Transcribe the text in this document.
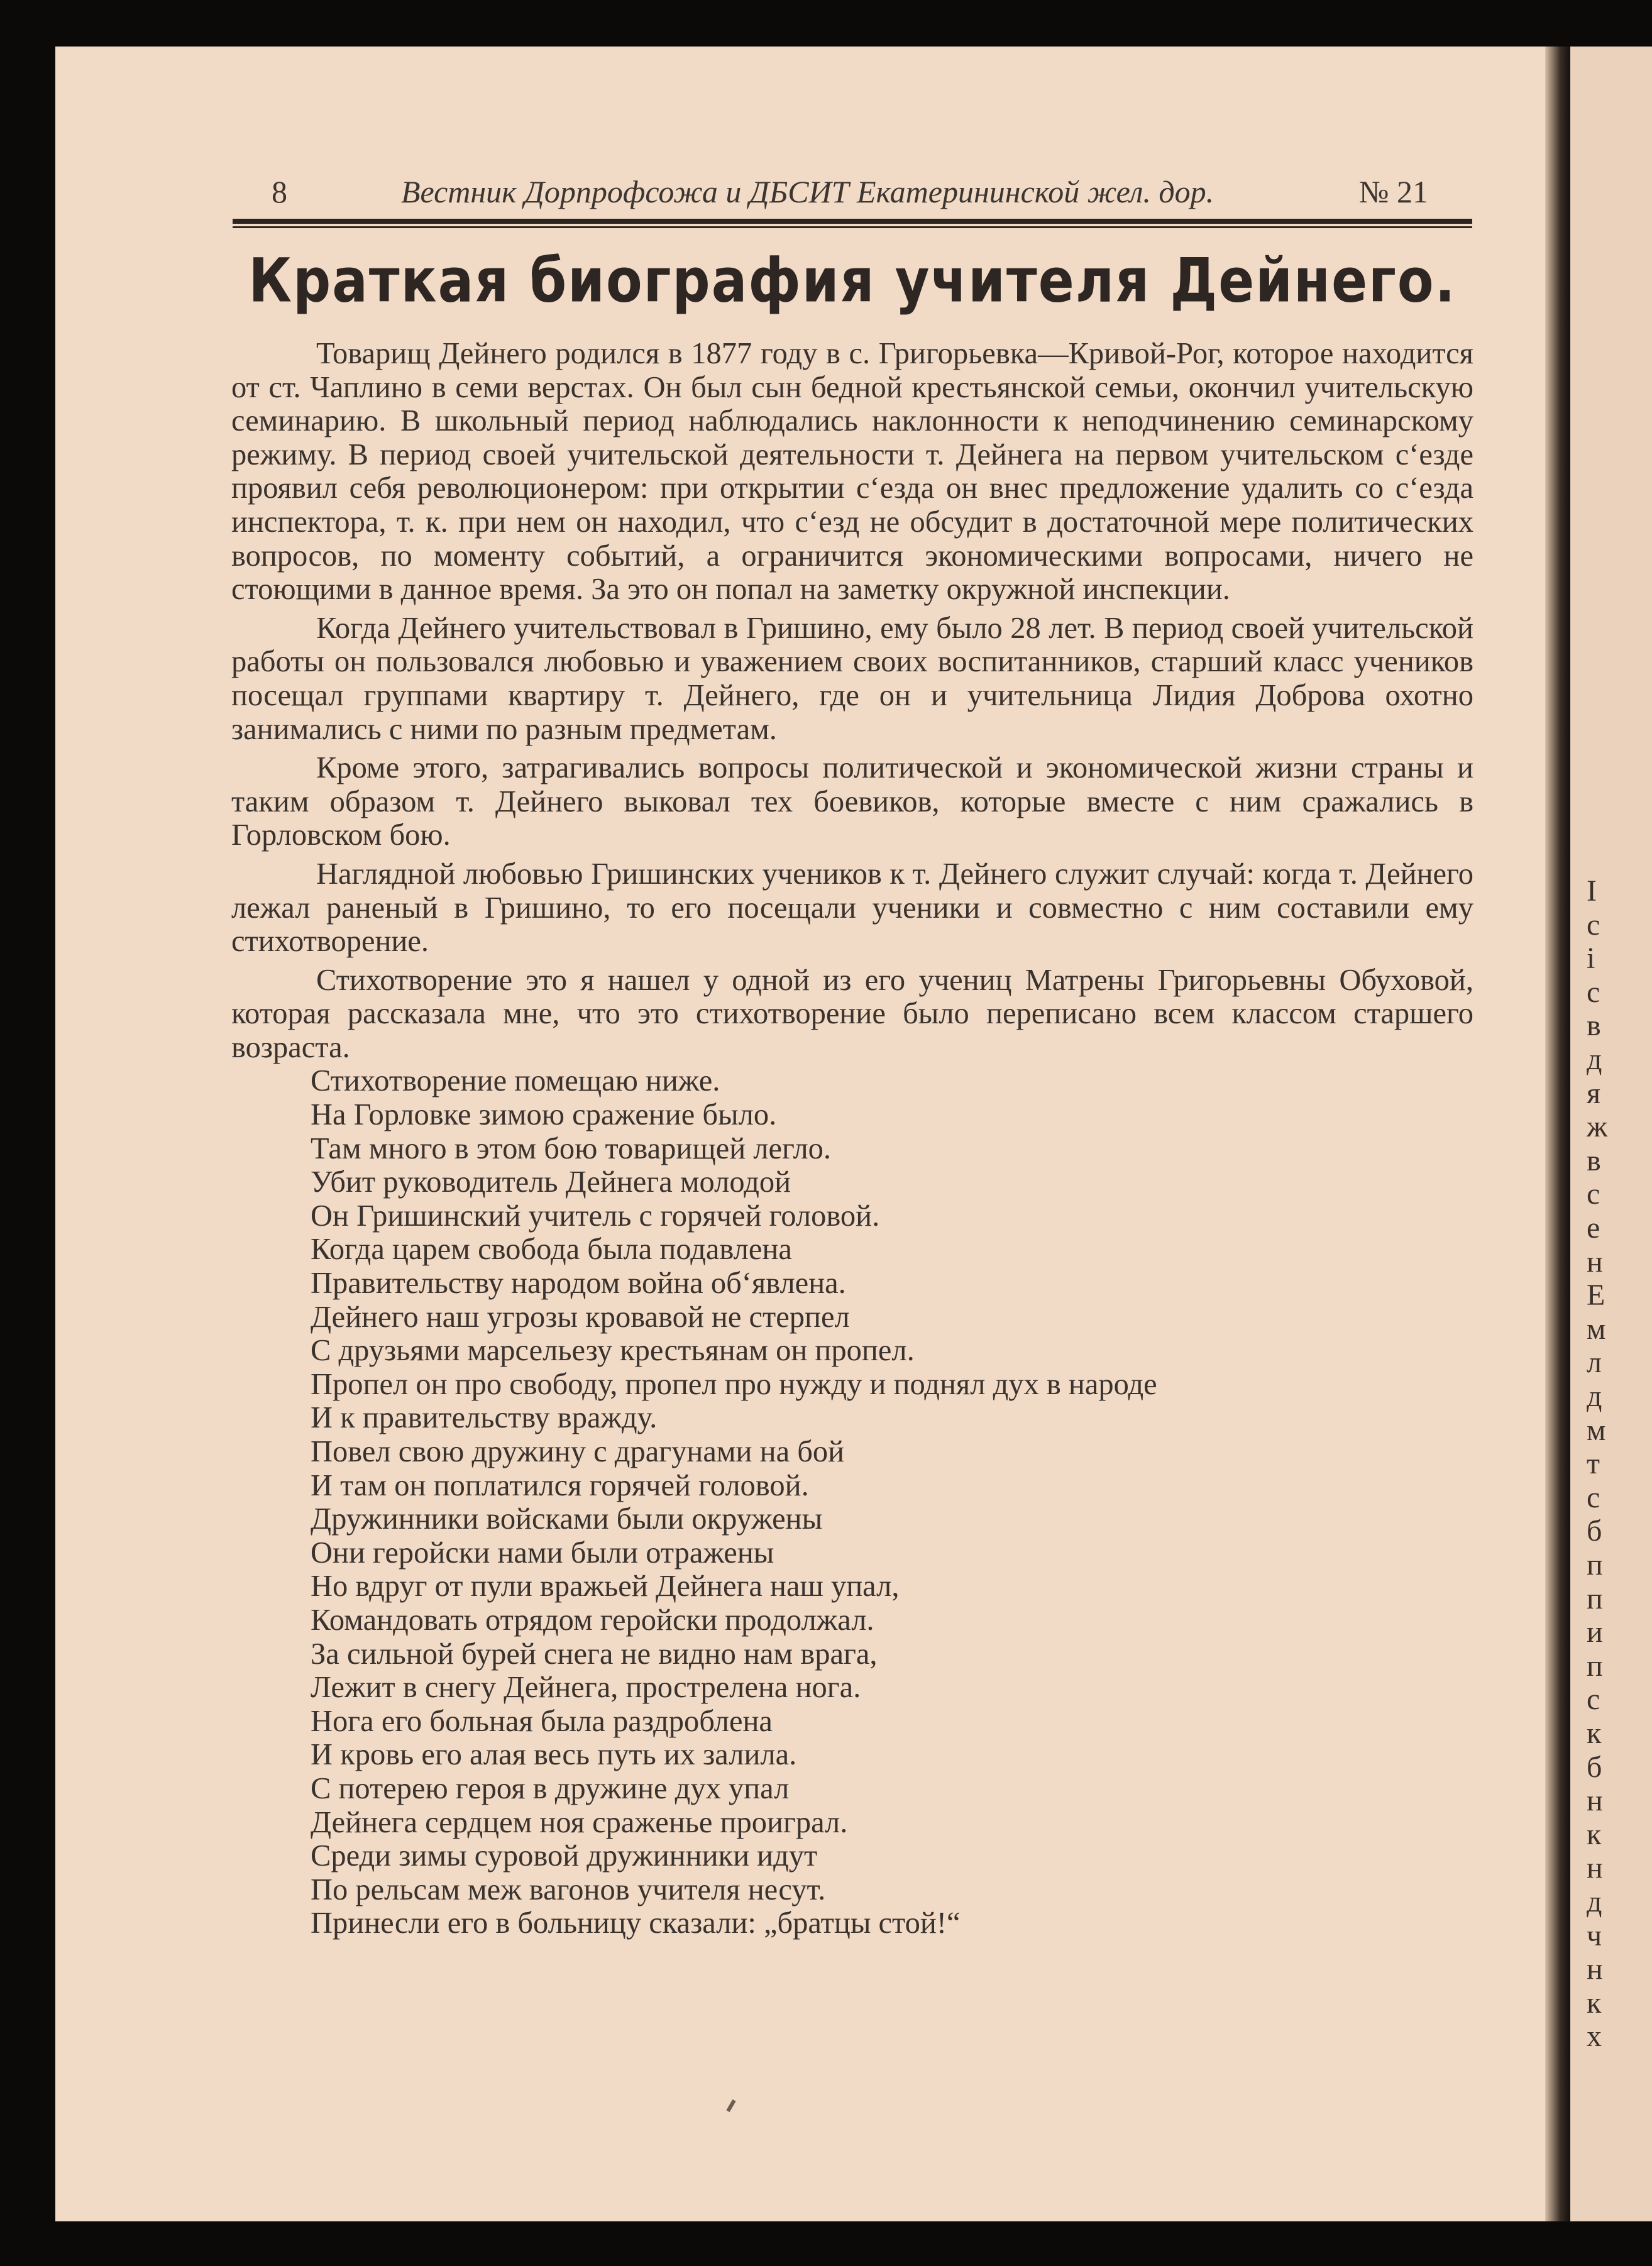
І
с
і
с
в
д
я
ж
в
с
е
н
Е
м
л
д
м
т
с
б
п
п
и
п
с
к
б
н
к
н
д
ч
н
к
х
8	Вестник Дорпрофсожа и ДБСИТ Екатерининской жел. дор.	№ 21
Краткая биография учителя Дейнего.

Товарищ Дейнего родился в 1877 году в с. Григорьевка—Кривой-Рог, которое находится от ст. Чаплино в семи верстах. Он был сын бедной крестьянской семьи, окончил учительскую семинарию. В школьный период наблюдались наклонности к неподчинению семинарскому режиму. В период своей учительской деятельности т. Дейнега на первом учительском с‘езде проявил себя революционером: при открытии с‘езда он внес предложение удалить со с‘езда инспектора, т. к. при нем он находил, что с‘езд не обсудит в достаточной мере политических вопросов, по моменту событий, а ограничится экономическими вопросами, ничего не стоющими в данное время. За это он попал на заметку окружной инспекции.

Когда Дейнего учительствовал в Гришино, ему было 28 лет. В период своей учительской работы он пользовался любовью и уважением своих воспитанников, старший класс учеников посещал группами квартиру т. Дейнего, где он и учительница Лидия Доброва охотно занимались с ними по разным предметам.

Кроме этого, затрагивались вопросы политической и экономической жизни страны и таким образом т. Дейнего выковал тех боевиков, которые вместе с ним сражались в Горловском бою.

Наглядной любовью Гришинских учеников к т. Дейнего служит случай: когда т. Дейнего лежал раненый в Гришино, то его посещали ученики и совместно с ним составили ему стихотворение.

Стихотворение это я нашел у одной из его учениц Матрены Григорьевны Обуховой, которая рассказала мне, что это стихотворение было переписано всем классом старшего возраста.

Стихотворение помещаю ниже.

На Горловке зимою сражение было.

Там много в этом бою товарищей легло.

Убит руководитель Дейнега молодой

Он Гришинский учитель с горячей головой.

Когда царем свобода была подавлена

Правительству народом война об‘явлена.

Дейнего наш угрозы кровавой не стерпел

С друзьями марсельезу крестьянам он пропел.

Пропел он про свободу, пропел про нужду и поднял дух в народе

И к правительству вражду.

Повел свою дружину с драгунами на бой

И там он поплатился горячей головой.

Дружинники войсками были окружены

Они геройски нами были отражены

Но вдруг от пули вражьей Дейнега наш упал,

Командовать отрядом геройски продолжал.

За сильной бурей снега не видно нам врага,

Лежит в снегу Дейнега, прострелена нога.

Нога его больная была раздроблена

И кровь его алая весь путь их залила.

С потерею героя в дружине дух упал

Дейнега сердцем ноя сраженье проиграл.

Среди зимы суровой дружинники идут

По рельсам меж вагонов учителя несут.

Принесли его в больницу сказали: „братцы стой!“
